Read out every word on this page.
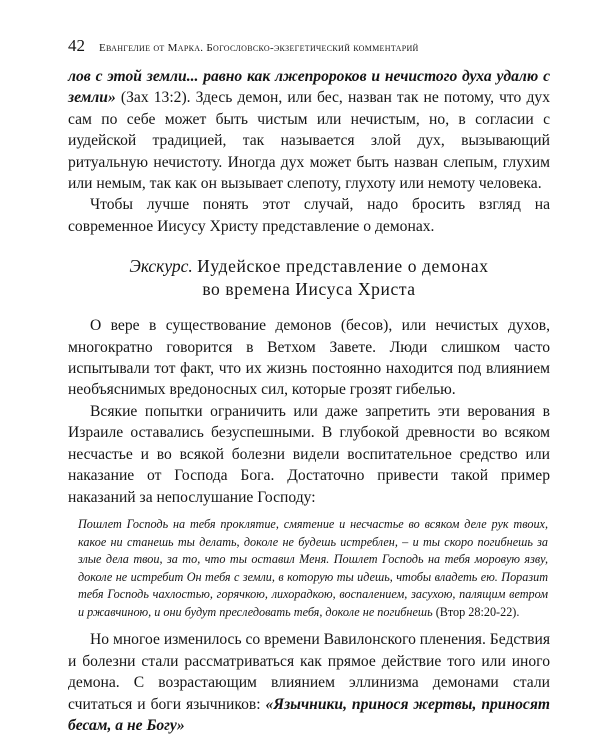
42 Евангелие от Марка. Богословско-экзегетический комментарий

лов с этой земли... равно как лжепророков и нечистого духа удалю с земли» (Зах 13:2). Здесь демон, или бес, назван так не потому, что дух сам по себе может быть чистым или нечистым, но, в согласии с иудейской традицией, так называется злой дух, вызывающий ритуальную нечистоту. Иногда дух может быть назван слепым, глухим или немым, так как он вызывает слепоту, глухоту или немоту человека.

Чтобы лучше понять этот случай, надо бросить взгляд на современное Иисусу Христу представление о демонах.

Экскурс. Иудейское представление о демонах
во времена Иисуса Христа

О вере в существование демонов (бесов), или нечистых духов, многократно говорится в Ветхом Завете. Люди слишком часто испытывали тот факт, что их жизнь постоянно находится под влиянием необъяснимых вредоносных сил, которые грозят гибелью.

Всякие попытки ограничить или даже запретить эти верования в Израиле оставались безуспешными. В глубокой древности во всяком несчастье и во всякой болезни видели воспитательное средство или наказание от Господа Бога. Достаточно привести такой пример наказаний за непослушание Господу:

Пошлет Господь на тебя проклятие, смятение и несчастье во всяком деле рук твоих, какое ни станешь ты делать, доколе не будешь истреблен, – и ты скоро погибнешь за злые дела твои, за то, что ты оставил Меня. Пошлет Господь на тебя моровую язву, доколе не истребит Он тебя с земли, в которую ты идешь, чтобы владеть ею. Поразит тебя Господь чахлостью, горячкою, лихорадкою, воспалением, засухою, палящим ветром и ржавчиною, и они будут преследовать тебя, доколе не погибнешь (Втор 28:20-22).

Но многое изменилось со времени Вавилонского пленения. Бедствия и болезни стали рассматриваться как прямое действие того или иного демона. С возрастающим влиянием эллинизма демонами стали считаться и боги язычников: «Язычники, принося жертвы, приносят бесам, а не Богу»
